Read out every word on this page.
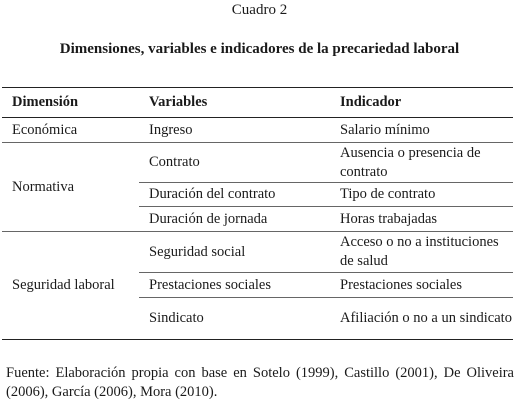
Cuadro 2
Dimensiones, variables e indicadores de la precariedad laboral
Dimensión	Variables	Indicador
Económica	Ingreso	Salario mínimo
Normativa	Contrato	Ausencia o presencia de contrato
	Duración del contrato	Tipo de contrato
	Duración de jornada	Horas trabajadas
Seguridad laboral	Seguridad social	Acceso o no a instituciones de salud
	Prestaciones sociales	Prestaciones sociales
	Sindicato	Afiliación o no a un sindicato
Fuente: Elaboración propia con base en Sotelo (1999), Castillo (2001), De Oliveira (2006), García (2006), Mora (2010).
